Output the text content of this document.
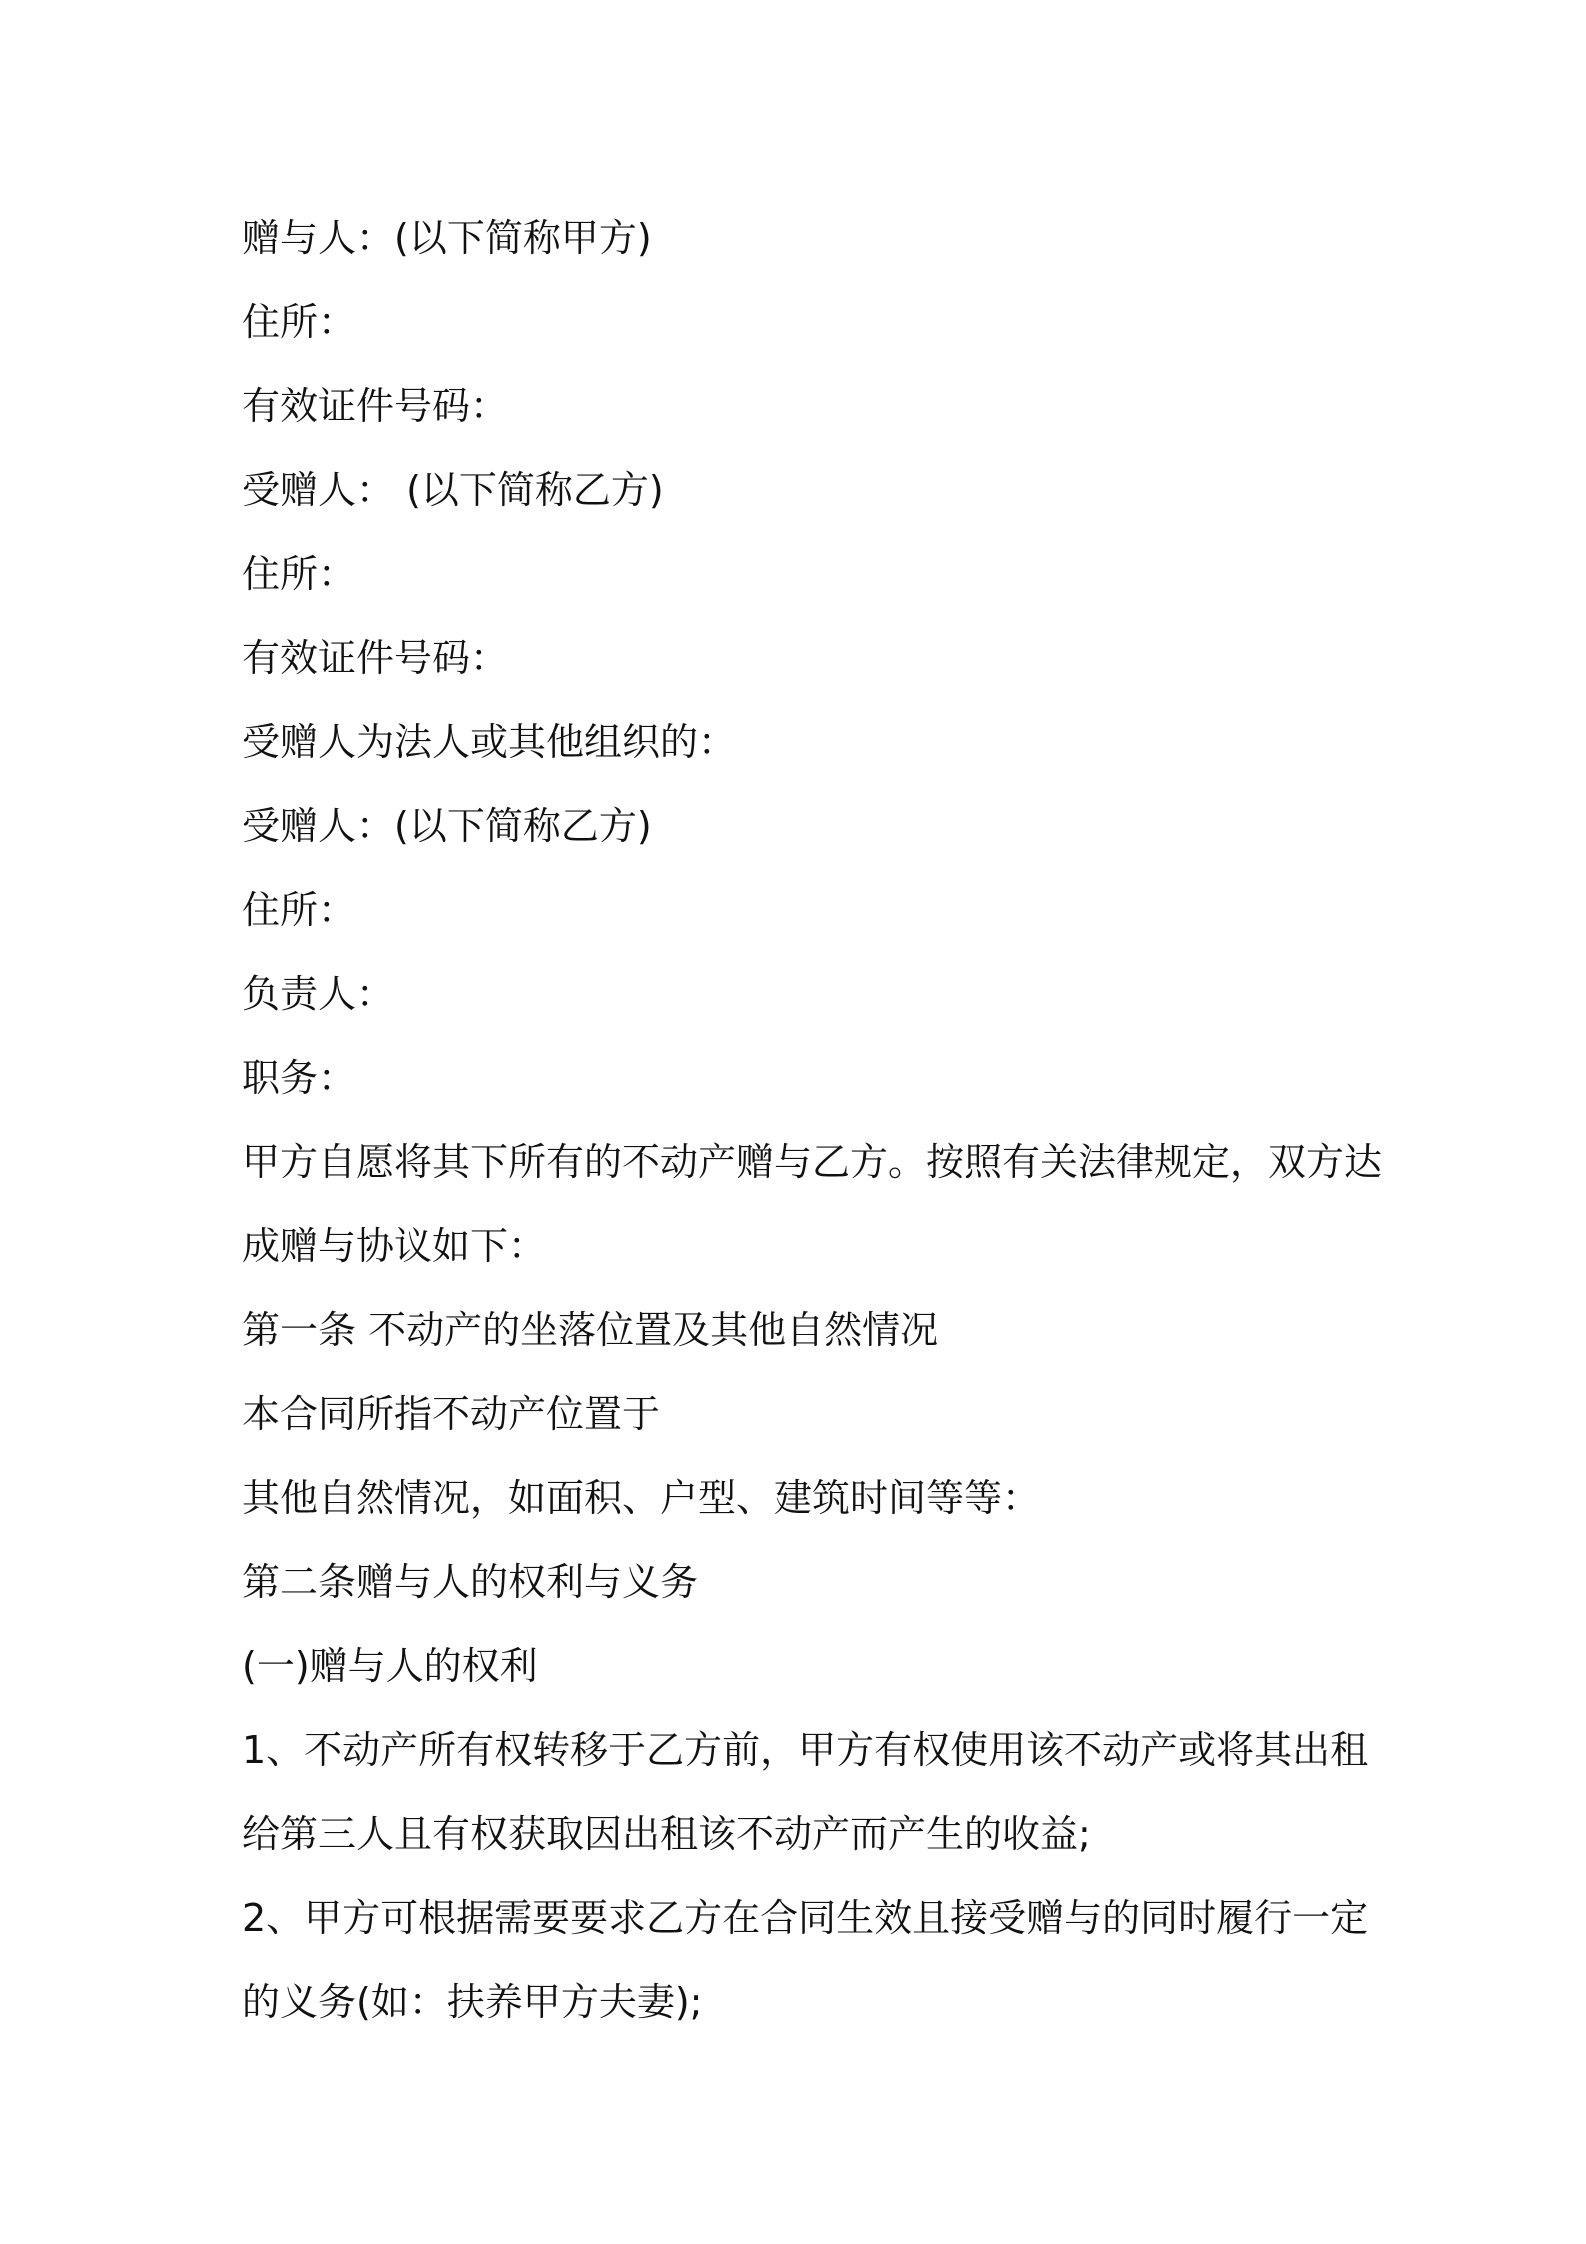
赠与人：(以下简称甲方)

住所：

有效证件号码：

受赠人： (以下简称乙方)

住所：

有效证件号码：

受赠人为法人或其他组织的：

受赠人：(以下简称乙方)

住所：

负责人：

职务：

甲方自愿将其下所有的不动产赠与乙方。按照有关法律规定，双方达

成赠与协议如下：

第一条 不动产的坐落位置及其他自然情况

本合同所指不动产位置于

其他自然情况，如面积、户型、建筑时间等等：

第二条赠与人的权利与义务

(一)赠与人的权利

1、不动产所有权转移于乙方前，甲方有权使用该不动产或将其出租

给第三人且有权获取因出租该不动产而产生的收益;

2、甲方可根据需要要求乙方在合同生效且接受赠与的同时履行一定

的义务(如：扶养甲方夫妻);
